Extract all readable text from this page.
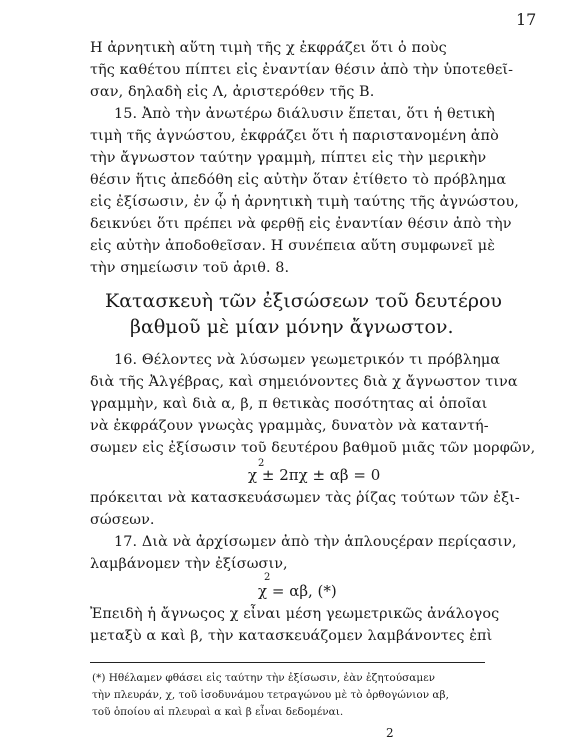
17
Η ἀρνητικὴ αὕτη τιμὴ τῆς χ ἐκφράζει ὅτι ὁ ποὺς
τῆς καθέτου πίπτει εἰς ἐναντίαν θέσιν ἀπὸ τὴν ὑποτεθεῖ-
σαν, δηλαδὴ εἰς Λ, ἀριστερόθεν τῆς Β.
15. Ἀπὸ τὴν ἀνωτέρω διάλυσιν ἕπεται, ὅτι ἡ θετικὴ
τιμὴ τῆς ἀγνώστου, ἐκφράζει ὅτι ἡ παριστανομένη ἀπὸ
τὴν ἄγνωστον ταύτην γραμμὴ, πίπτει εἰς τὴν μερικὴν
θέσιν ἥτις ἀπεδόθη εἰς αὐτὴν ὅταν ἐτίθετο τὸ πρόβλημα
εἰς ἐξίσωσιν, ἐν ᾧ ἡ ἀρνητικὴ τιμὴ ταύτης τῆς ἀγνώστου,
δεικνύει ὅτι πρέπει νὰ φερθῇ εἰς ἐναντίαν θέσιν ἀπὸ τὴν
εἰς αὐτὴν ἀποδοθεῖσαν. Η συνέπεια αὕτη συμφωνεῖ μὲ
τὴν σημείωσιν τοῦ ἀριθ. 8.
Κατασκευὴ τῶν ἐξισώσεων τοῦ δευτέρου
βαθμοῦ μὲ μίαν μόνην ἄγνωστον.
16. Θέλοντες νὰ λύσωμεν γεωμετρικόν τι πρόβλημα
διὰ τῆς Ἀλγέβρας, καὶ σημειόνοντες διὰ χ ἄγνωστον τινα
γραμμὴν, καὶ διὰ α, β, π θετικὰς ποσότητας αἱ ὁποῖαι
νὰ ἐκφράζουν γνωςὰς γραμμὰς, δυνατὸν νὰ καταντή-
σωμεν εἰς ἐξίσωσιν τοῦ δευτέρου βαθμοῦ μιᾶς τῶν μορφῶν,
2
χ ± 2πχ ± αβ = 0
πρόκειται νὰ κατασκευάσωμεν τὰς ῥίζας τούτων τῶν ἐξι-
σώσεων.
17. Διὰ νὰ ἀρχίσωμεν ἀπὸ τὴν ἁπλουςέραν περίςασιν,
λαμβάνομεν τὴν ἐξίσωσιν,
2
χ = αβ, (*)
Ἐπειδὴ ἡ ἄγνωςος χ εἶναι μέση γεωμετρικῶς ἀνάλογος
μεταξὺ α καὶ β, τὴν κατασκευάζομεν λαμβάνοντες ἐπὶ
(*) Ηθέλαμεν φθάσει εἰς ταύτην τὴν ἐξίσωσιν, ἐὰν ἐζητούσαμεν
τὴν πλευράν, χ, τοῦ ἰσοδυνάμου τετραγώνου μὲ τὸ ὀρθογώνιον αβ,
τοῦ ὁποίου αἱ πλευραὶ α καὶ β εἶναι δεδομέναι.
2
